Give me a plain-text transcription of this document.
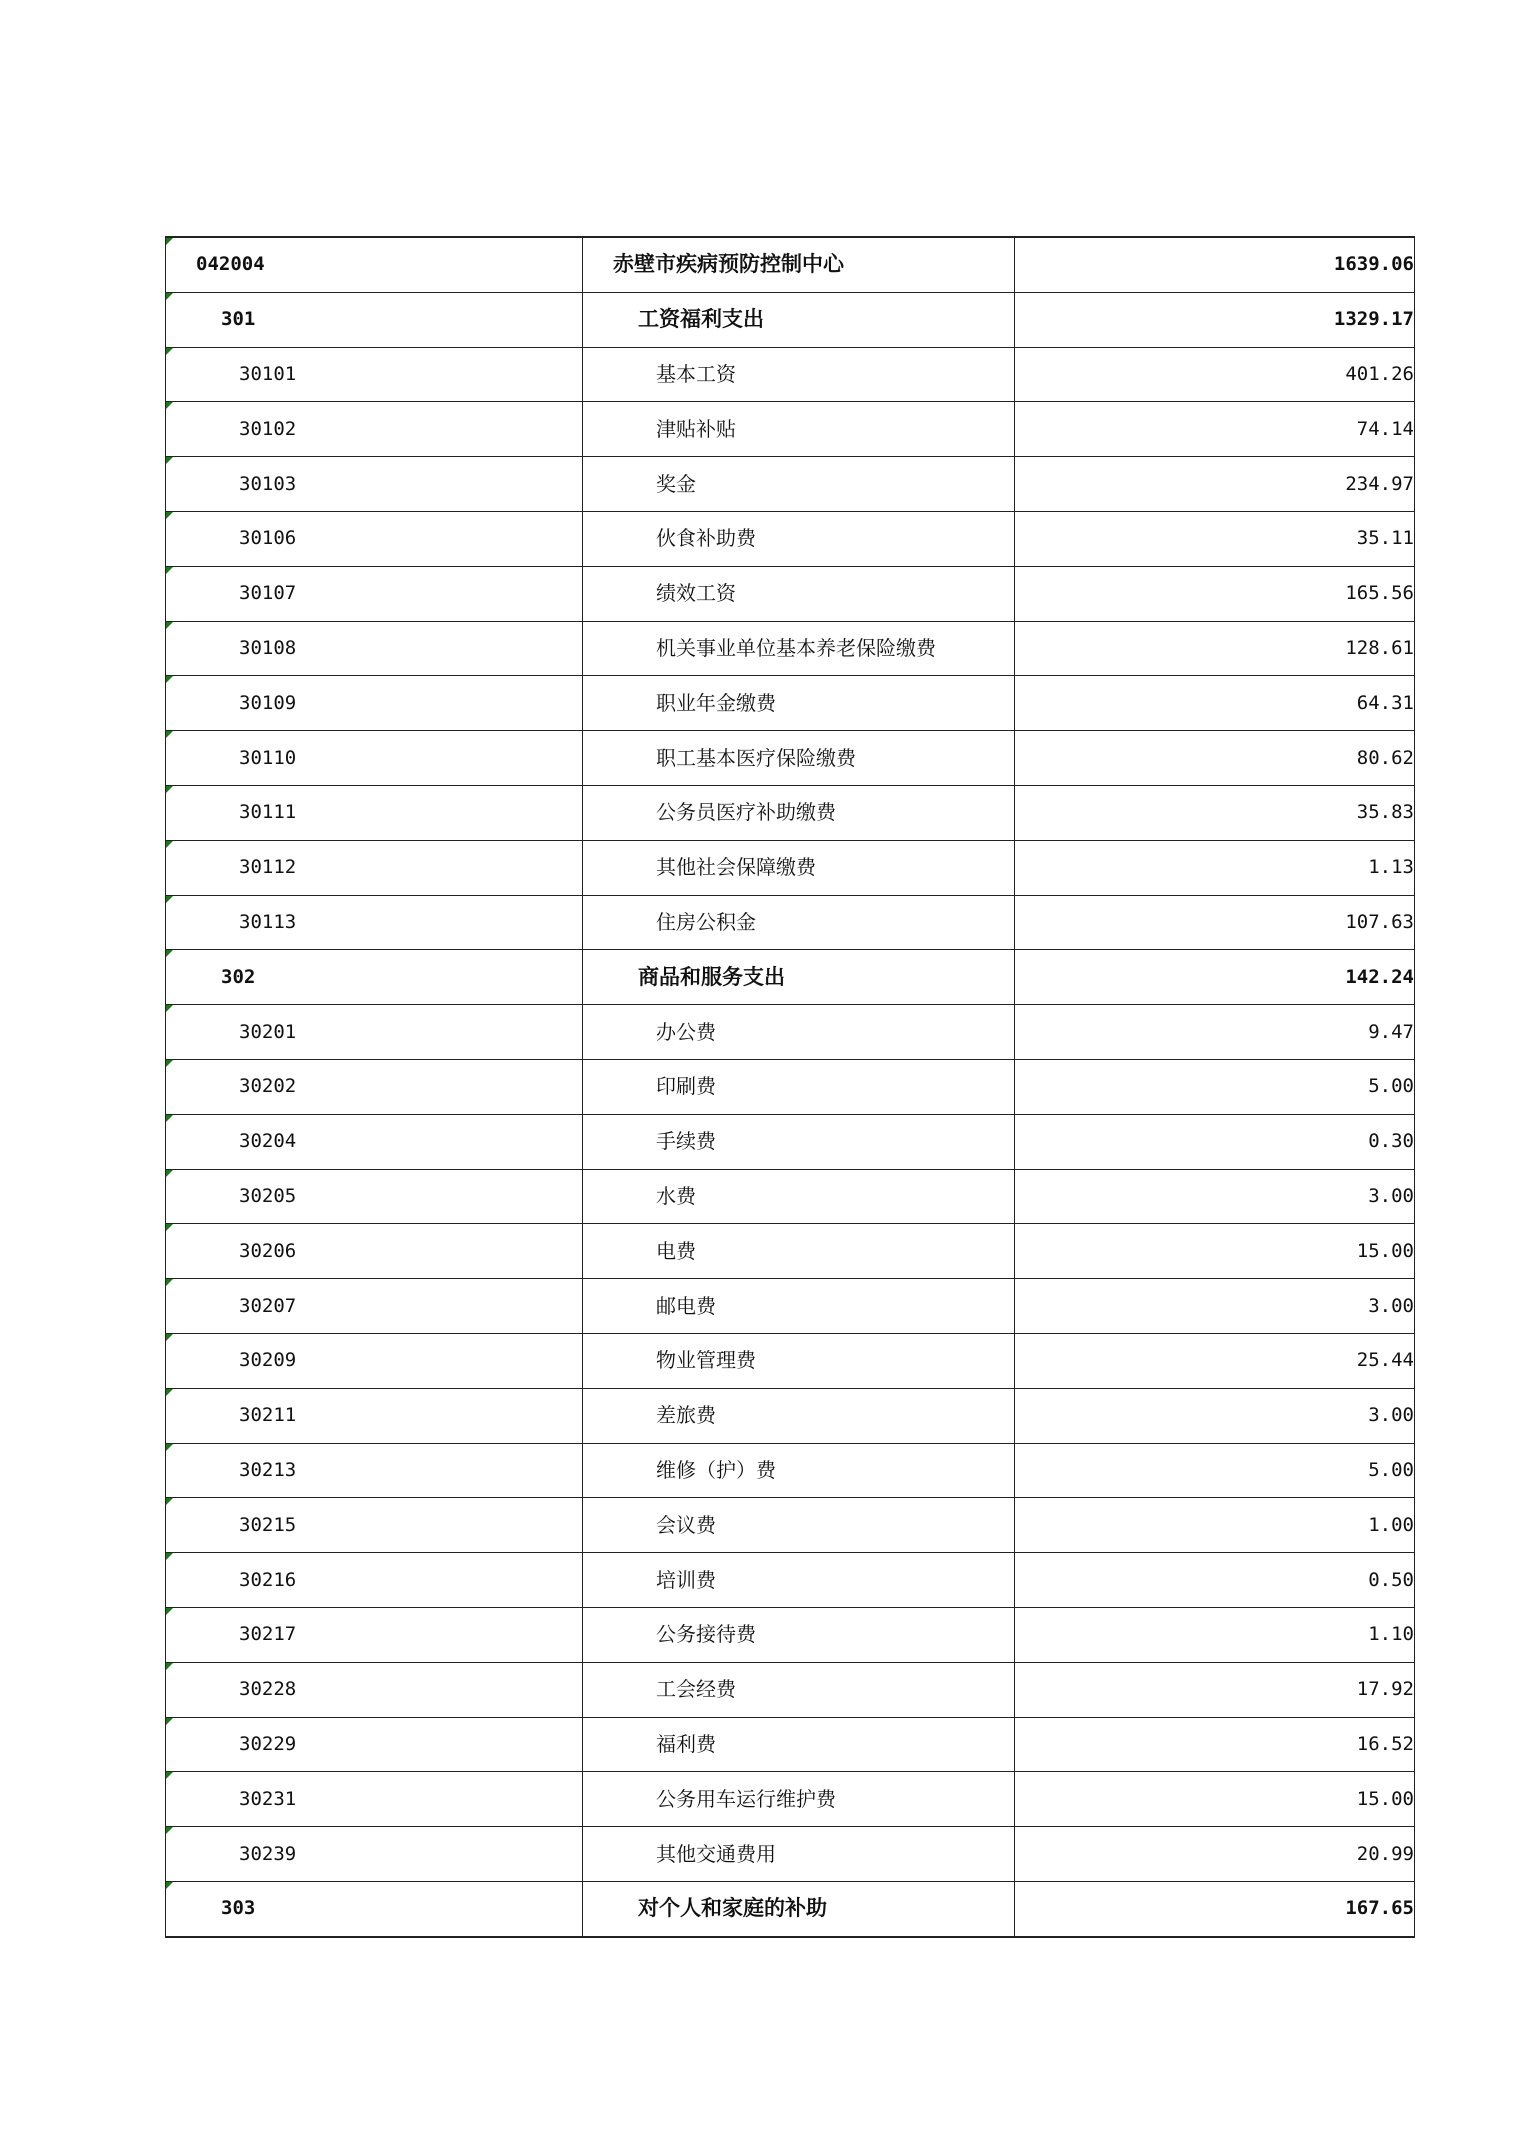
042004	赤壁市疾病预防控制中心	1639.06
301	工资福利支出	1329.17
30101	基本工资	401.26
30102	津贴补贴	74.14
30103	奖金	234.97
30106	伙食补助费	35.11
30107	绩效工资	165.56
30108	机关事业单位基本养老保险缴费	128.61
30109	职业年金缴费	64.31
30110	职工基本医疗保险缴费	80.62
30111	公务员医疗补助缴费	35.83
30112	其他社会保障缴费	1.13
30113	住房公积金	107.63
302	商品和服务支出	142.24
30201	办公费	9.47
30202	印刷费	5.00
30204	手续费	0.30
30205	水费	3.00
30206	电费	15.00
30207	邮电费	3.00
30209	物业管理费	25.44
30211	差旅费	3.00
30213	维修（护）费	5.00
30215	会议费	1.00
30216	培训费	0.50
30217	公务接待费	1.10
30228	工会经费	17.92
30229	福利费	16.52
30231	公务用车运行维护费	15.00
30239	其他交通费用	20.99
303	对个人和家庭的补助	167.65
